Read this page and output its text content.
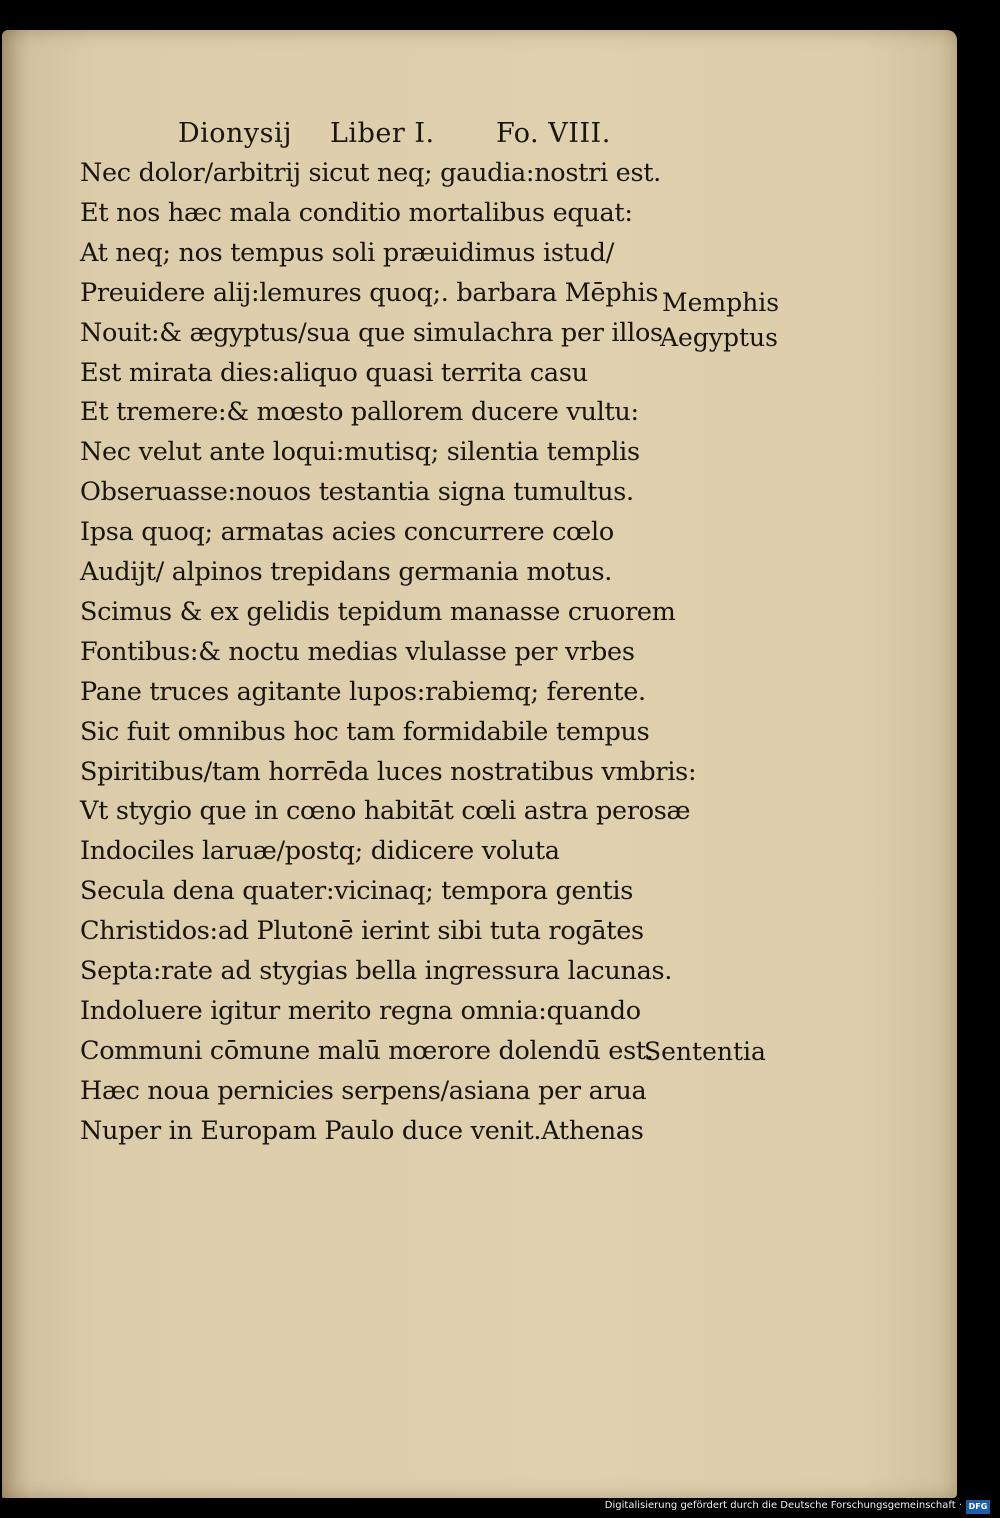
Dionysij Liber I. Fo. VIII.
Nec dolor/arbitrij sicut neq; gaudia:nostri est.
Et nos hæc mala conditio mortalibus equat:
At neq; nos tempus soli præuidimus istud/
Preuidere alij:lemures quoq;. barbara Mēphis
Nouit:& ægyptus/sua que simulachra per illos
Est mirata dies:aliquo quasi territa casu
Et tremere:& mœsto pallorem ducere vultu:
Nec velut ante loqui:mutisq; silentia templis
Obseruasse:nouos testantia signa tumultus.
Ipsa quoq; armatas acies concurrere cœlo
Audijt/ alpinos trepidans germania motus.
Scimus & ex gelidis tepidum manasse cruorem
Fontibus:& noctu medias vlulasse per vrbes
Pane truces agitante lupos:rabiemq; ferente.
Sic fuit omnibus hoc tam formidabile tempus
Spiritibus/tam horrēda luces nostratibus vmbris:
Vt stygio que in cœno habitāt cœli astra perosæ
Indociles laruæ/postq; didicere voluta
Secula dena quater:vicinaq; tempora gentis
Christidos:ad Plutonē ierint sibi tuta rogātes
Septa:rate ad stygias bella ingressura lacunas.
Indoluere igitur merito regna omnia:quando
Communi cōmune malū mœrore dolendū est.
Hæc noua pernicies serpens/asiana per arua
Nuper in Europam Paulo duce venit.Athenas
Memphis
Aegyptus
Sententia
Digitalisierung gefördert durch die Deutsche Forschungsgemeinschaft · DFG
